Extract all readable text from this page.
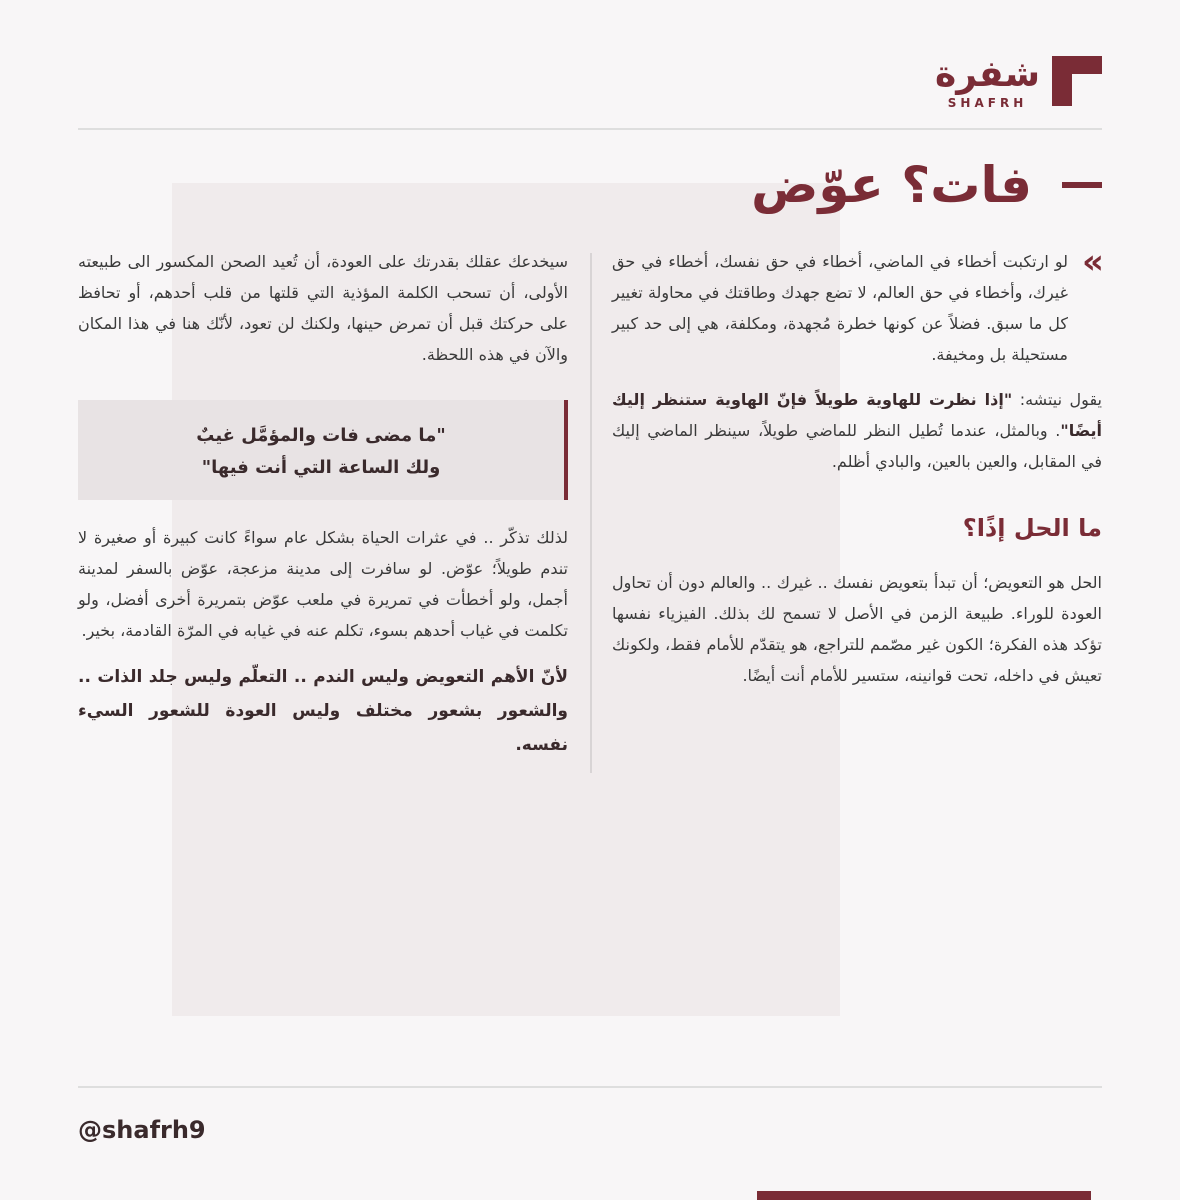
شفرة
SHAFRH
فات؟ عوّض
»

لو ارتكبت أخطاء في الماضي، أخطاء في حق نفسك، أخطاء في حق غيرك، وأخطاء في حق العالم، لا تضع جهدك وطاقتك في محاولة تغيير كل ما سبق. فضلاً عن كونها خطرة مُجهدة، ومكلفة، هي إلى حد كبير مستحيلة بل ومخيفة.

يقول نيتشه: "إذا نظرت للهاوية طويلاً فإنّ الهاوية ستنظر إليك أيضًا". وبالمثل، عندما تُطيل النظر للماضي طويلاً، سينظر الماضي إليك في المقابل، والعين بالعين، والبادي أظلم.

ما الحل إذًا؟

الحل هو التعويض؛ أن تبدأ بتعويض نفسك .. غيرك .. والعالم دون أن تحاول العودة للوراء. طبيعة الزمن في الأصل لا تسمح لك بذلك. الفيزياء نفسها تؤكد هذه الفكرة؛ الكون غير مصّمم للتراجع، هو يتقدّم للأمام فقط، ولكونك تعيش في داخله، تحت قوانينه، ستسير للأمام أنت أيضًا.

سيخدعك عقلك بقدرتك على العودة، أن تُعيد الصحن المكسور الى طبيعته الأولى، أن تسحب الكلمة المؤذية التي قلتها من قلب أحدهم، أو تحافظ على حركتك قبل أن تمرض حينها، ولكنك لن تعود، لأنّك هنا في هذا المكان والآن في هذه اللحظة.

"ما مضى فات والمؤمَّل غيبٌ

ولك الساعة التي أنت فيها"

لذلك تذكّر .. في عثرات الحياة بشكل عام سواءً كانت كبيرة أو صغيرة لا تندم طويلاً؛ عوّض. لو سافرت إلى مدينة مزعجة، عوّض بالسفر لمدينة أجمل، ولو أخطأت في تمريرة في ملعب عوّض بتمريرة أخرى أفضل، ولو تكلمت في غياب أحدهم بسوء، تكلم عنه في غيابه في المرّة القادمة، بخير.

لأنّ الأهم التعويض وليس الندم .. التعلّم وليس جلد الذات .. والشعور بشعور مختلف وليس العودة للشعور السيء نفسه.

@shafrh9
